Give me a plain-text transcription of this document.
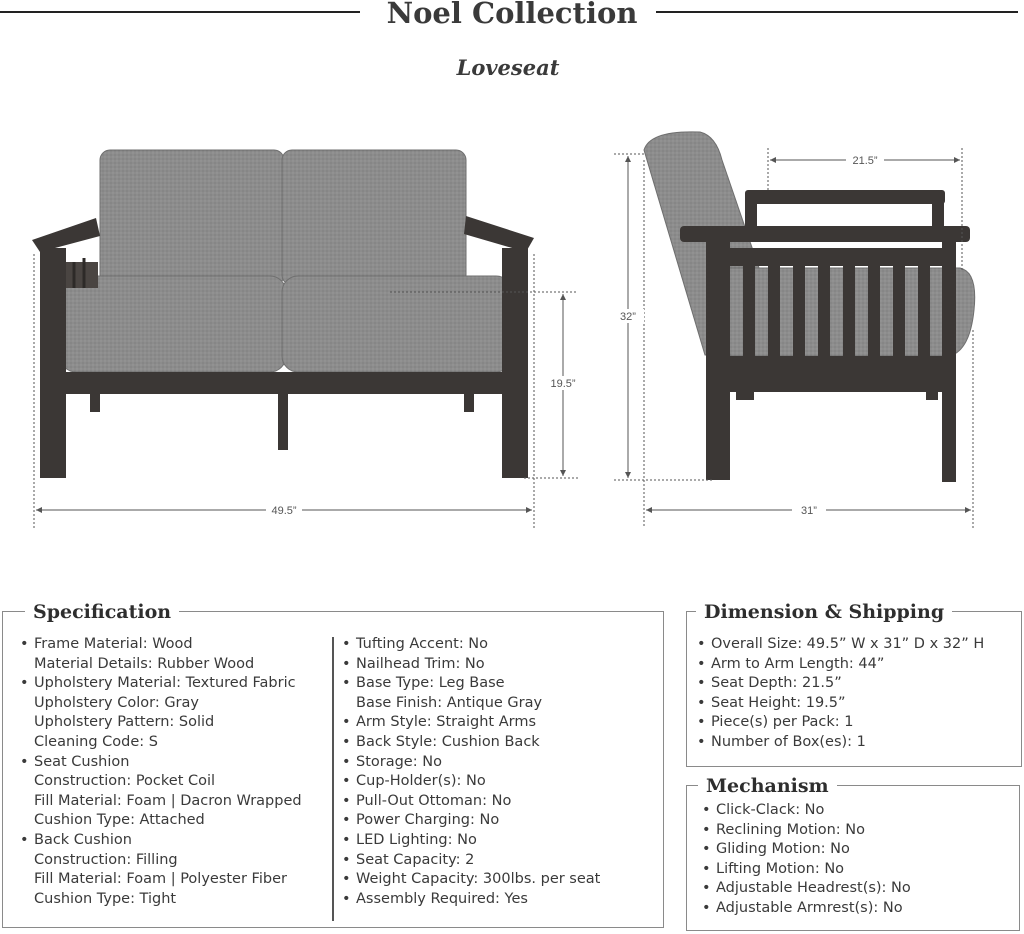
Noel Collection
Loveseat
49.5”
19.5”
32”
31”
21.5”
Specification
• Frame Material: Wood
Material Details: Rubber Wood
• Upholstery Material: Textured Fabric
Upholstery Color: Gray
Upholstery Pattern: Solid
Cleaning Code: S
• Seat Cushion
Construction: Pocket Coil
Fill Material: Foam | Dacron Wrapped
Cushion Type: Attached
• Back Cushion
Construction: Filling
Fill Material: Foam | Polyester Fiber
Cushion Type: Tight
• Tufting Accent: No
• Nailhead Trim: No
• Base Type: Leg Base
Base Finish: Antique Gray
• Arm Style: Straight Arms
• Back Style: Cushion Back
• Storage: No
• Cup-Holder(s): No
• Pull-Out Ottoman: No
• Power Charging: No
• LED Lighting: No
• Seat Capacity: 2
• Weight Capacity: 300lbs. per seat
• Assembly Required: Yes
Dimension & Shipping
• Overall Size: 49.5” W x 31” D x 32” H
• Arm to Arm Length: 44”
• Seat Depth: 21.5”
• Seat Height: 19.5”
• Piece(s) per Pack: 1
• Number of Box(es): 1
Mechanism
• Click-Clack: No
• Reclining Motion: No
• Gliding Motion: No
• Lifting Motion: No
• Adjustable Headrest(s): No
• Adjustable Armrest(s): No
